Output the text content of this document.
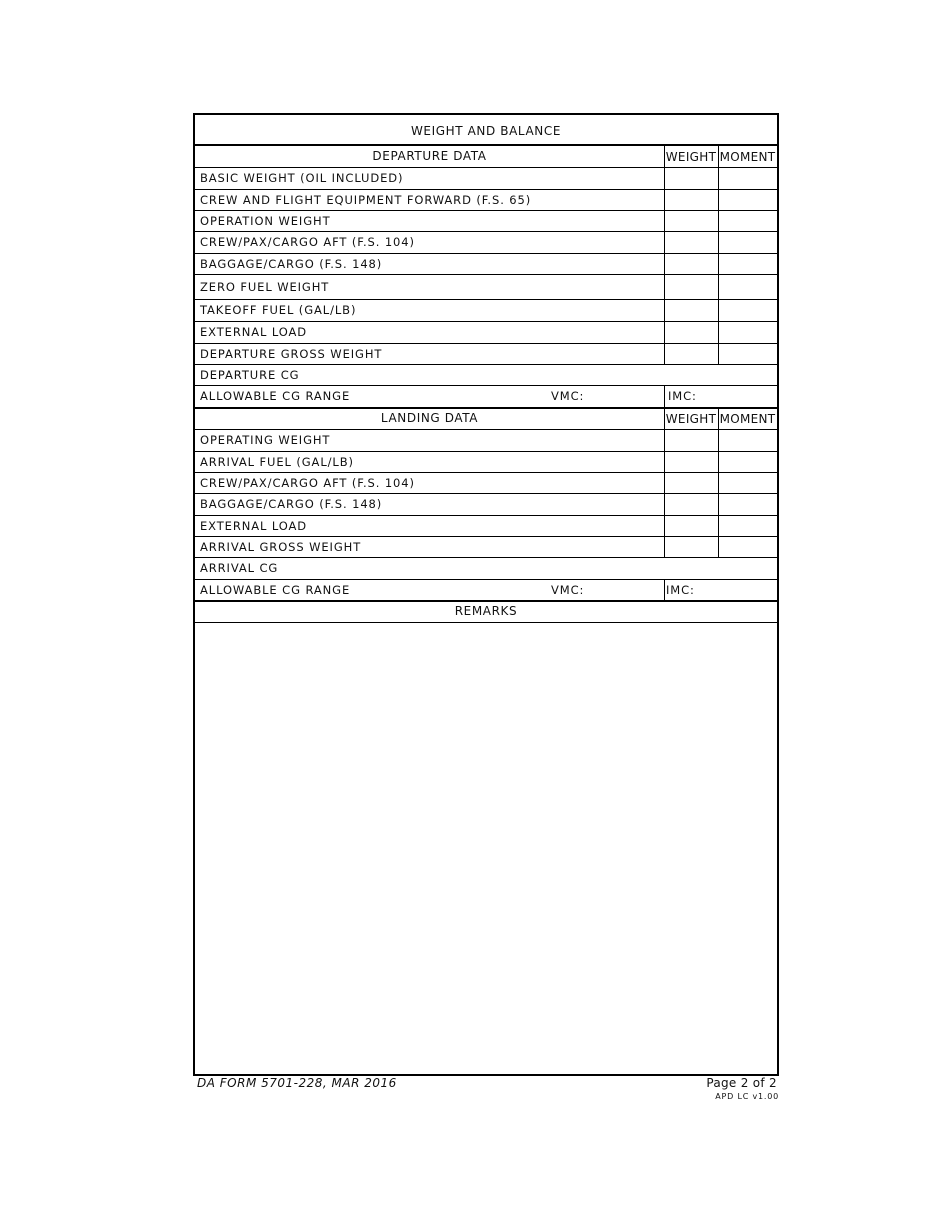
WEIGHT AND BALANCE
DEPARTURE DATA	WEIGHT MOMENT
BASIC WEIGHT (OIL INCLUDED)
CREW AND FLIGHT EQUIPMENT FORWARD (F.S. 65)
OPERATION WEIGHT
CREW/PAX/CARGO AFT (F.S. 104)
BAGGAGE/CARGO (F.S. 148)
ZERO FUEL WEIGHT
TAKEOFF FUEL (GAL/LB)
EXTERNAL LOAD
DEPARTURE GROSS WEIGHT
DEPARTURE CG
ALLOWABLE CG RANGE	VMC:	IMC:
LANDING DATA	WEIGHT MOMENT
OPERATING WEIGHT
ARRIVAL FUEL (GAL/LB)
CREW/PAX/CARGO AFT (F.S. 104)
BAGGAGE/CARGO (F.S. 148)
EXTERNAL LOAD
ARRIVAL GROSS WEIGHT
ARRIVAL CG
ALLOWABLE CG RANGE	VMC:	IMC:
REMARKS
DA FORM 5701-228, MAR 2016	Page 2 of 2
APD LC v1.00
